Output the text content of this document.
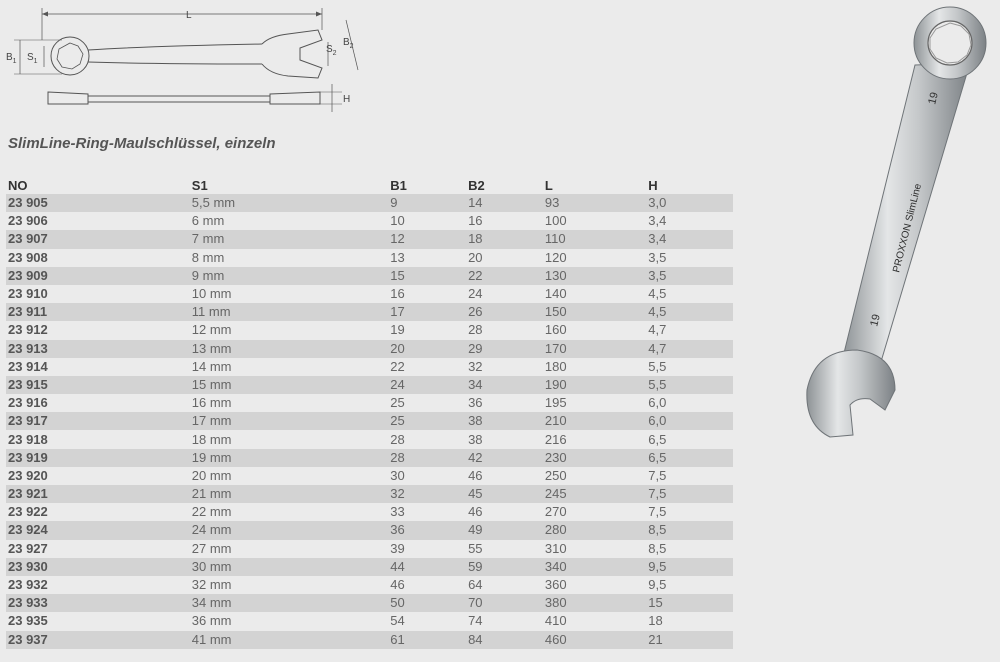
L
$B_1$ $S_1$
$S_2$
$B_2$
H
SlimLine-Ring-Maulschlüssel, einzeln
NO	S1	B1	B2	L	H
23 905	5,5 mm	9	14	93	3,0
23 906	6 mm	10	16	100	3,4
23 907	7 mm	12	18	110	3,4
23 908	8 mm	13	20	120	3,5
23 909	9 mm	15	22	130	3,5
23 910	10 mm	16	24	140	4,5
23 911	11 mm	17	26	150	4,5
23 912	12 mm	19	28	160	4,7
23 913	13 mm	20	29	170	4,7
23 914	14 mm	22	32	180	5,5
23 915	15 mm	24	34	190	5,5
23 916	16 mm	25	36	195	6,0
23 917	17 mm	25	38	210	6,0
23 918	18 mm	28	38	216	6,5
23 919	19 mm	28	42	230	6,5
23 920	20 mm	30	46	250	7,5
23 921	21 mm	32	45	245	7,5
23 922	22 mm	33	46	270	7,5
23 924	24 mm	36	49	280	8,5
23 927	27 mm	39	55	310	8,5
23 930	30 mm	44	59	340	9,5
23 932	32 mm	46	64	360	9,5
23 933	34 mm	50	70	380	15
23 935	36 mm	54	74	410	18
23 937	41 mm	61	84	460	21
19
PROXXON SlimLine
19
